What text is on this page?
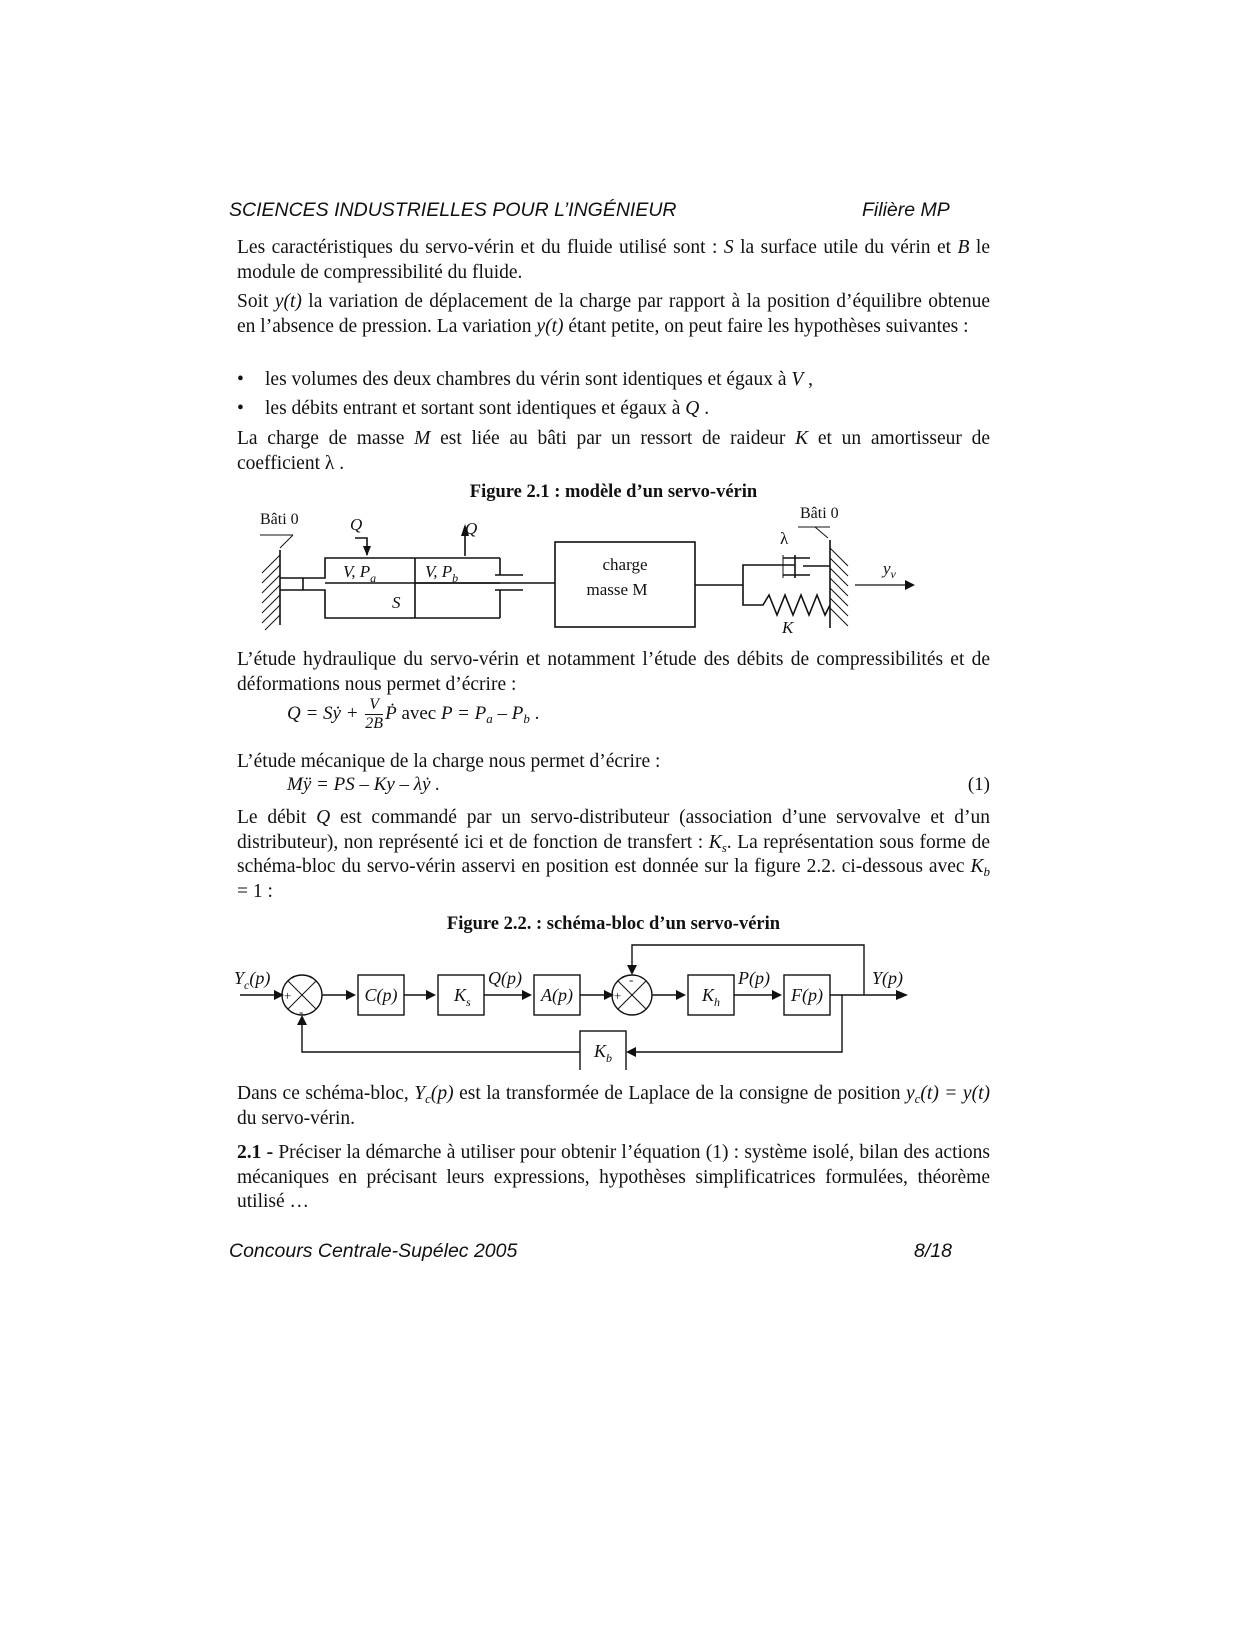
SCIENCES INDUSTRIELLES POUR L’INGÉNIEUR	Filière MP

Les caractéristiques du servo-vérin et du fluide utilisé sont : S la surface utile du vérin et B le module de compressibilité du fluide.

Soit y(t) la variation de déplacement de la charge par rapport à la position d’équilibre obtenue en l’absence de pression. La variation y(t) étant petite, on peut faire les hypothèses suivantes :

•	les volumes des deux chambres du vérin sont identiques et égaux à V ,

•	les débits entrant et sortant sont identiques et égaux à Q .

La charge de masse M est liée au bâti par un ressort de raideur K et un amortisseur de coefficient λ .

Figure 2.1 : modèle d’un servo-vérin

Bâti 0	Bâti 0
Q	Q
V, $P_a$	V, $P_b$
S
charge
masse M
λ
K
$y_v$

L’étude hydraulique du servo-vérin et notamment l’étude des débits de compressibilités et de déformations nous permet d’écrire :

Q = Sẏ + $\frac{V}{2B}$ Ṗ avec $P = P_a - P_b$ .

L’étude mécanique de la charge nous permet d’écrire :

Mÿ = PS – Ky – λẏ .	(1)

Le débit Q est commandé par un servo-distributeur (association d’une servovalve et d’un distributeur), non représenté ici et de fonction de transfert : $K_s$. La représentation sous forme de schéma-bloc du servo-vérin asservi en position est donnée sur la figure 2.2. ci-dessous avec $K_b = 1$ :

Figure 2.2. : schéma-bloc d’un servo-vérin

$Y_c(p)$
+
-
C(p)	$K_s$
Q(p)
A(p)	+
-
$K_h$
P(p)
F(p)
Y(p)
$K_b$

Dans ce schéma-bloc, $Y_c(p)$ est la transformée de Laplace de la consigne de position $y_c(t) = y(t)$ du servo-vérin.

2.1 - Préciser la démarche à utiliser pour obtenir l’équation (1) : système isolé, bilan des actions mécaniques en précisant leurs expressions, hypothèses simplificatrices formulées, théorème utilisé …

Concours Centrale-Supélec 2005	8/18
